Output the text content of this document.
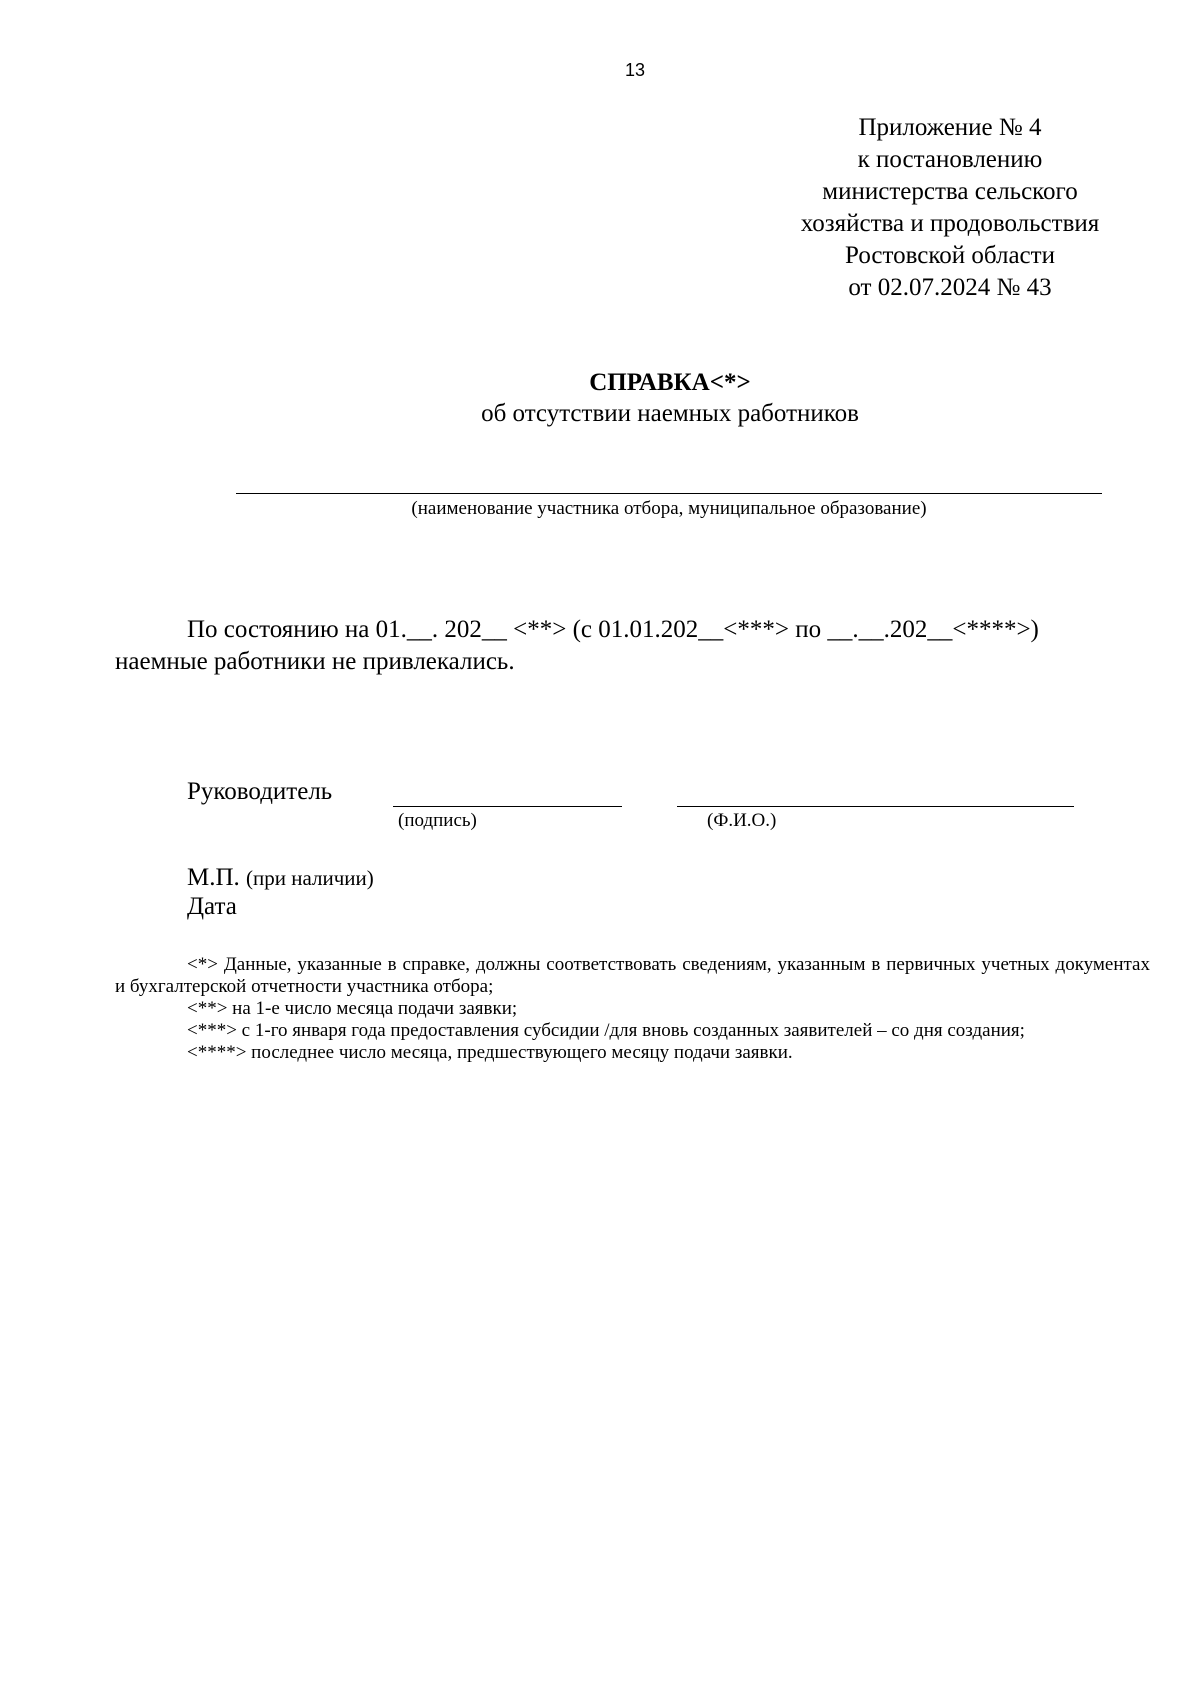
13
Приложение № 4
к постановлению
министерства сельского
хозяйства и продовольствия
Ростовской области
от 02.07.2024 № 43
СПРАВКА<*>
об отсутствии наемных работников
(наименование участника отбора, муниципальное образование)
По состоянию на 01.__. 202__ <**> (с 01.01.202__<***> по __.__.202__<****>)
наемные работники не привлекались.
Руководитель
(подпись)	(Ф.И.О.)
М.П. (при наличии)
Дата

<*> Данные, указанные в справке, должны соответствовать сведениям, указанным в первичных учетных документах и бухгалтерской отчетности участника отбора;

<**> на 1-е число месяца подачи заявки;

<***> с 1-го января года предоставления субсидии /для вновь созданных заявителей – со дня создания;

<****> последнее число месяца, предшествующего месяцу подачи заявки.
